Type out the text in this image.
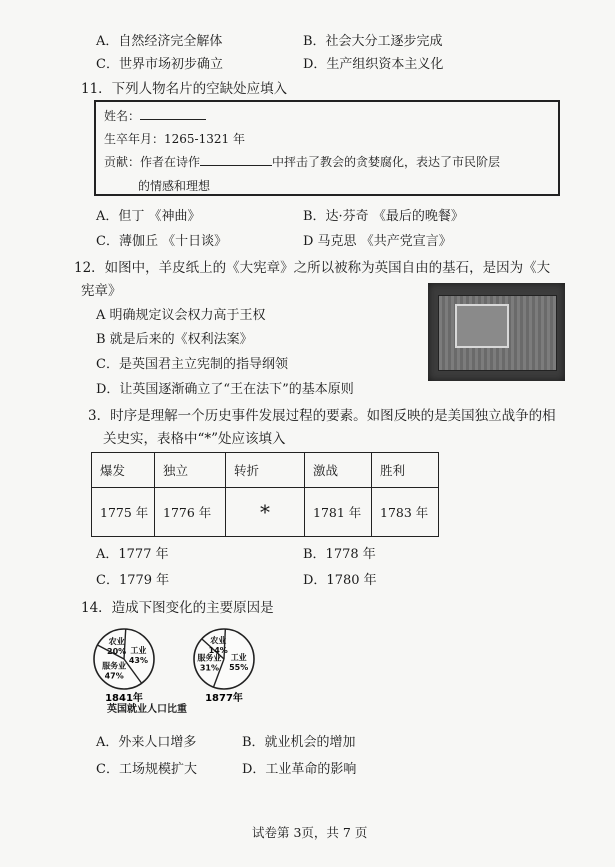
A．自然经济完全解体	B．社会大分工逐步完成
C．世界市场初步确立	D．生产组织资本主义化
11．下列人物名片的空缺处应填入
姓名：
生卒年月：1265-1321 年
贡献：作者在诗作	中抨击了教会的贪婪腐化，表达了市民阶层
的情感和理想
A．但丁 《神曲》	B．达·芬奇 《最后的晚餐》
C．薄伽丘 《十日谈》	D 马克思 《共产党宣言》
12．如图中，羊皮纸上的《大宪章》之所以被称为英国自由的基石，是因为《大
宪章》
A 明确规定议会权力高于王权
B 就是后来的《权利法案》
C．是英国君主立宪制的指导纲领
D．让英国逐渐确立了“王在法下”的基本原则
3．时序是理解一个历史事件发展过程的要素。如图反映的是美国独立战争的相
关史实，表格中“*”处应该填入
爆发	独立	转折	激战	胜利
1775 年	1776 年	*	1781 年	1783 年
A．1777 年	B．1778 年
C．1779 年	D．1780 年
14．造成下图变化的主要原因是
农业
20% 工业
43%
服务业
47%
1841年
农业
14%
工业
55%
服务业
31%
1877年
英国就业人口比重
A．外来人口增多	B．就业机会的增加
C．工场规模扩大	D．工业革命的影响
试卷第 3页，共 7 页
